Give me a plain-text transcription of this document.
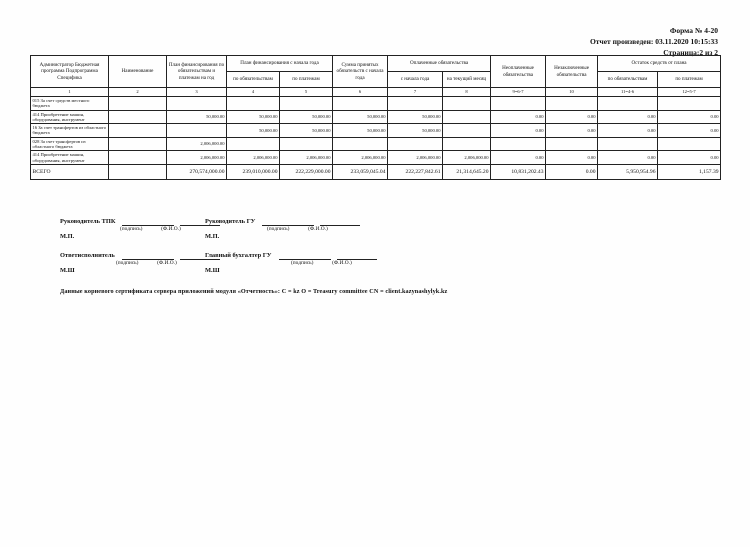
Форма № 4-20
Отчет произведен: 03.11.2020 10:15:33
Страница:2 из 2
Администратор Бюджетная программа Подпрограмма Специфика	Наименование	План финансирования по обязательствам и платежам на год	План финансирования с начала года		Сумма принятых обязательств с начала года	Оплаченные обязательства		Неоплаченные обязательства	Незаключенные обязательства	Остаток средств от плана	
			по обязательствам	по платежам		с начала года	на текущий месяц			по обязательствам	по платежам
1	2	3	4	5	6	7	8	9=6-7	10	11=4-6	12=5-7
015 За счет средств местного бюджета											
414 Приобретение машин, оборудования, инструмент		50,000.00	50,000.00	50,000.00	50,000.00	50,000.00		0.00	0.00	0.00	0.00
16 За счет трансфертов из областного бюджета			50,000.00	50,000.00	50,000.00	50,000.00		0.00	0.00	0.00	0.00
028 За счет трансфертов из областного бюджета		2,006,000.00									
414 Приобретение машин, оборудования, инструмент		2,006,000.00	2,006,000.00	2,006,000.00	2,006,000.00	2,006,000.00	2,006,000.00	0.00	0.00	0.00	0.00
ВСЕГО		270,574,000.00	239,010,000.00	222,229,000.00	233,059,045.04	222,227,842.61	21,314,645.20	10,831,202.43	0.00	5,950,954.96	1,157.39
Руководитель ТПК
(подпись)	(Ф.И.О.)
М.П.
Руководитель ГУ
(подпись)	(Ф.И.О.)
М.П.
Ответисполнитель
(подпись)	(Ф.И.О.)
М.Ш
Главный бухгалтер ГУ
(подпись)	(Ф.И.О.)
М.Ш
Данные корневого сертификата сервера приложений модуля «Отчетность»: C = kz O = Treasury committee CN = client.kazynashylyk.kz
